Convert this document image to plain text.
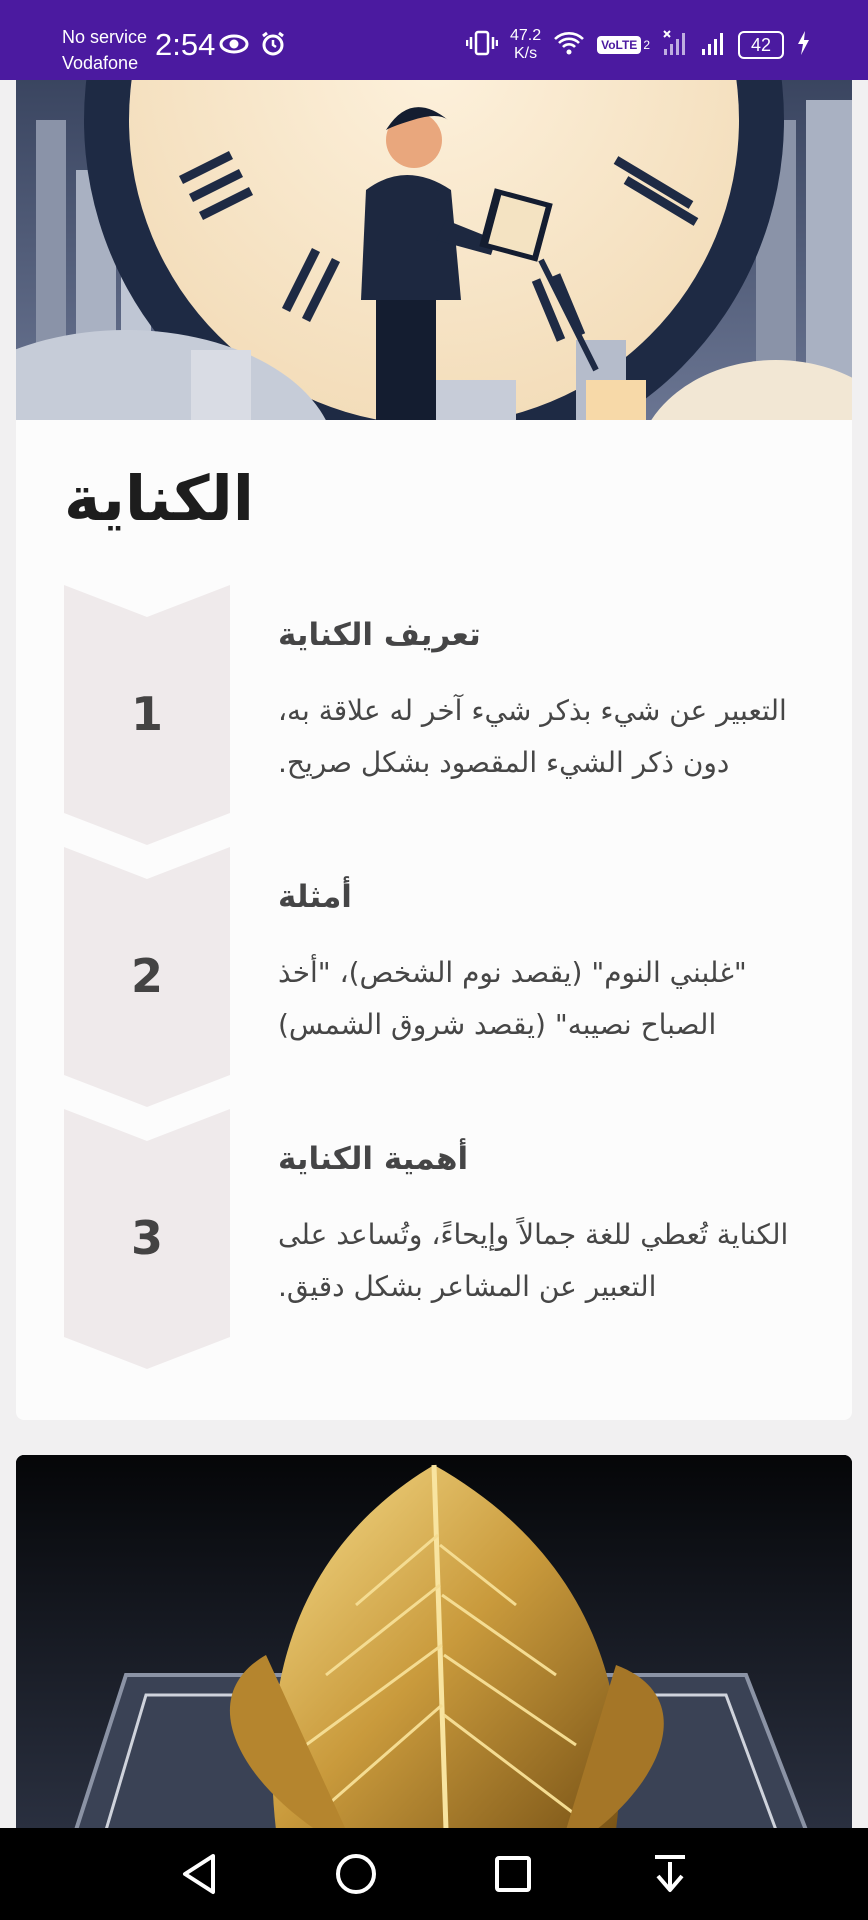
No service
Vodafone
2:54	47.2
K/s	VoLTE 2	42
الكناية
1
تعريف الكناية
التعبير عن شيء بذكر شيء آخر له علاقة به، دون ذكر الشيء المقصود بشكل صريح.
2
أمثلة
"غلبني النوم" (يقصد نوم الشخص)، "أخذ الصباح نصيبه" (يقصد شروق الشمس)
3
أهمية الكناية
الكناية تُعطي للغة جمالاً وإيحاءً، وتُساعد على التعبير عن المشاعر بشكل دقيق.
